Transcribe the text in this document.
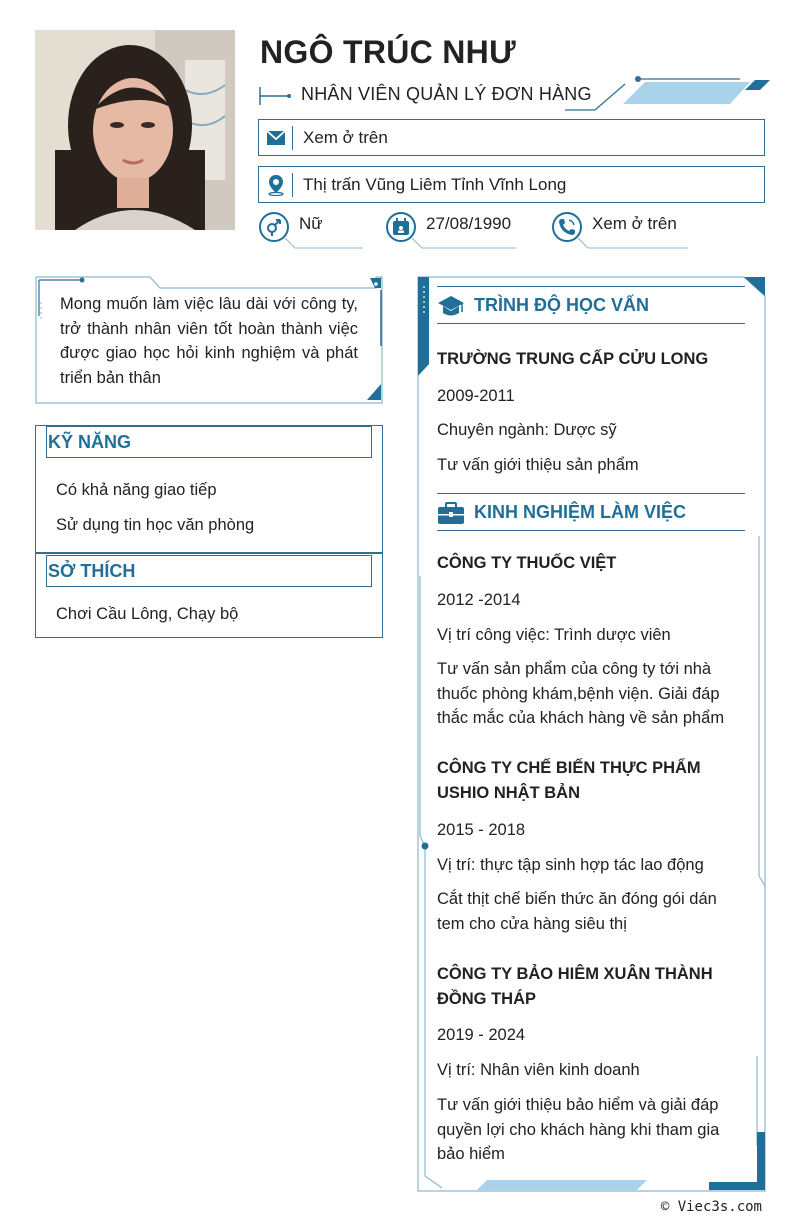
NGÔ TRÚC NHƯ
NHÂN VIÊN QUẢN LÝ ĐƠN HÀNG
Xem ở trên
Thị trấn Vũng Liêm Tỉnh Vĩnh Long
Nữ	27/08/1990	Xem ở trên
Mong muốn làm việc lâu dài với công ty, trở thành nhân viên tốt hoàn thành việc được giao học hỏi kinh nghiệm và phát triển bản thân
KỸ NĂNG
Có khả năng giao tiếp
Sử dụng tin học văn phòng
SỞ THÍCH
Chơi Cầu Lông, Chạy bộ
TRÌNH ĐỘ HỌC VẤN
TRƯỜNG TRUNG CẤP CỬU LONG
2009-2011
Chuyên ngành: Dược sỹ
Tư vấn giới thiệu sản phẩm
KINH NGHIỆM LÀM VIỆC
CÔNG TY THUỐC VIỆT
2012 -2014
Vị trí công việc: Trình dược viên
Tư vấn sản phẩm của công ty tới nhà thuốc phòng khám,bệnh viện. Giải đáp thắc mắc của khách hàng về sản phẩm
CÔNG TY CHẾ BIẾN THỰC PHẨM USHIO NHẬT BẢN
2015 - 2018
Vị trí: thực tập sinh hợp tác lao động
Cắt thịt chế biến thức ăn đóng gói dán tem cho cửa hàng siêu thị
CÔNG TY BẢO HIÊM XUÂN THÀNH ĐỒNG THÁP
2019 - 2024
Vị trí: Nhân viên kinh doanh
Tư vấn giới thiệu bảo hiểm và giải đáp quyền lợi cho khách hàng khi tham gia bảo hiểm
© Viec3s.com
